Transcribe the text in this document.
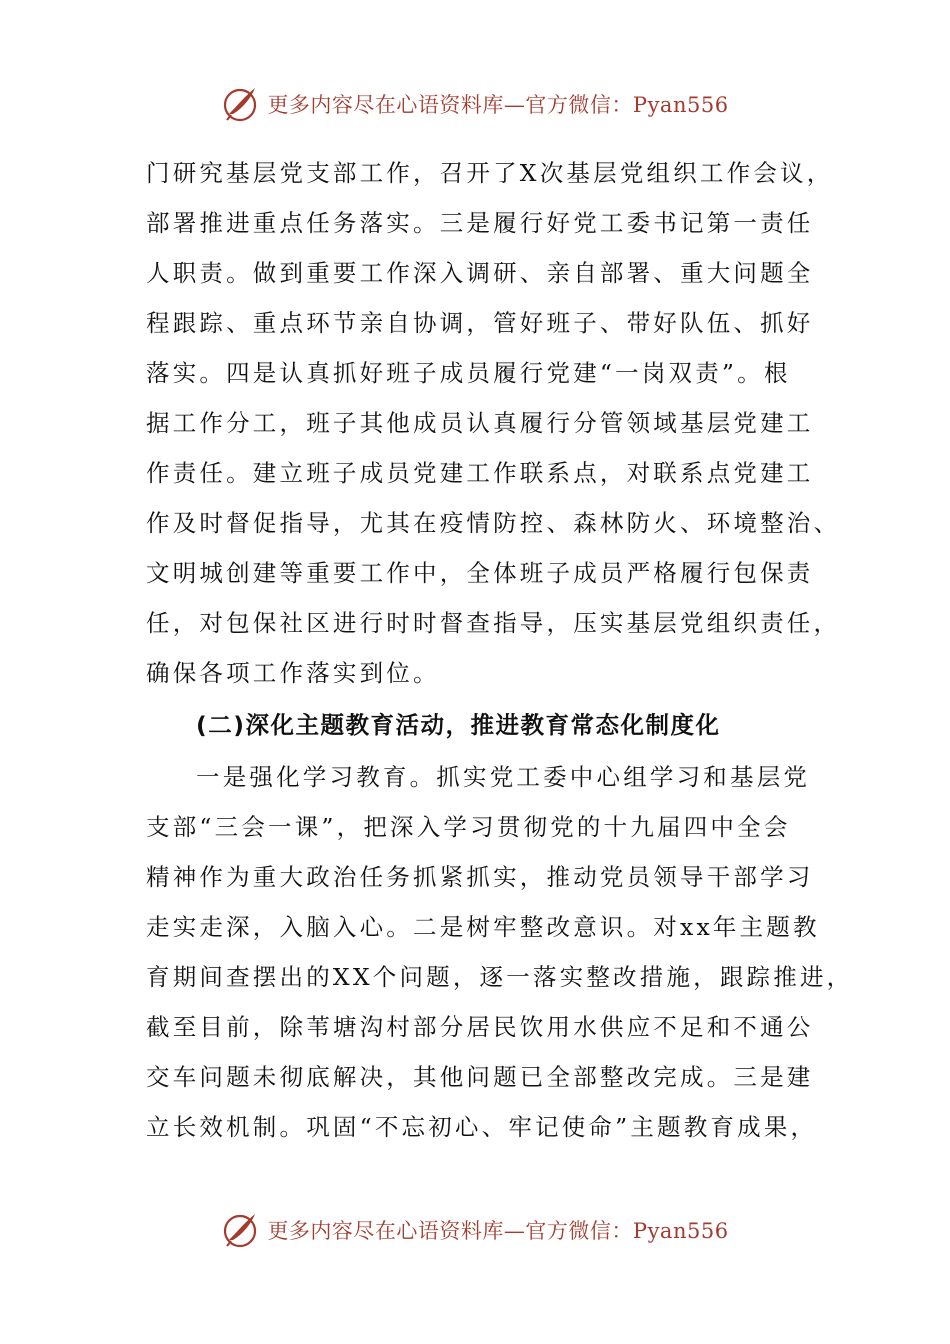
更多内容尽在心语资料库—官方微信：Pyan556
门研究基层党支部工作，召开了X次基层党组织工作会议，
部署推进重点任务落实。三是履行好党工委书记第一责任
人职责。做到重要工作深入调研、亲自部署、重大问题全
程跟踪、重点环节亲自协调，管好班子、带好队伍、抓好
落实。四是认真抓好班子成员履行党建“一岗双责”。根
据工作分工，班子其他成员认真履行分管领域基层党建工
作责任。建立班子成员党建工作联系点，对联系点党建工
作及时督促指导，尤其在疫情防控、森林防火、环境整治、
文明城创建等重要工作中，全体班子成员严格履行包保责
任，对包保社区进行时时督查指导，压实基层党组织责任，
确保各项工作落实到位。
(二)深化主题教育活动，推进教育常态化制度化
一是强化学习教育。抓实党工委中心组学习和基层党
支部“三会一课”，把深入学习贯彻党的十九届四中全会
精神作为重大政治任务抓紧抓实，推动党员领导干部学习
走实走深，入脑入心。二是树牢整改意识。对xx年主题教
育期间查摆出的XX个问题，逐一落实整改措施，跟踪推进，
截至目前，除苇塘沟村部分居民饮用水供应不足和不通公
交车问题未彻底解决，其他问题已全部整改完成。三是建
立长效机制。巩固“不忘初心、牢记使命”主题教育成果，
更多内容尽在心语资料库—官方微信：Pyan556
